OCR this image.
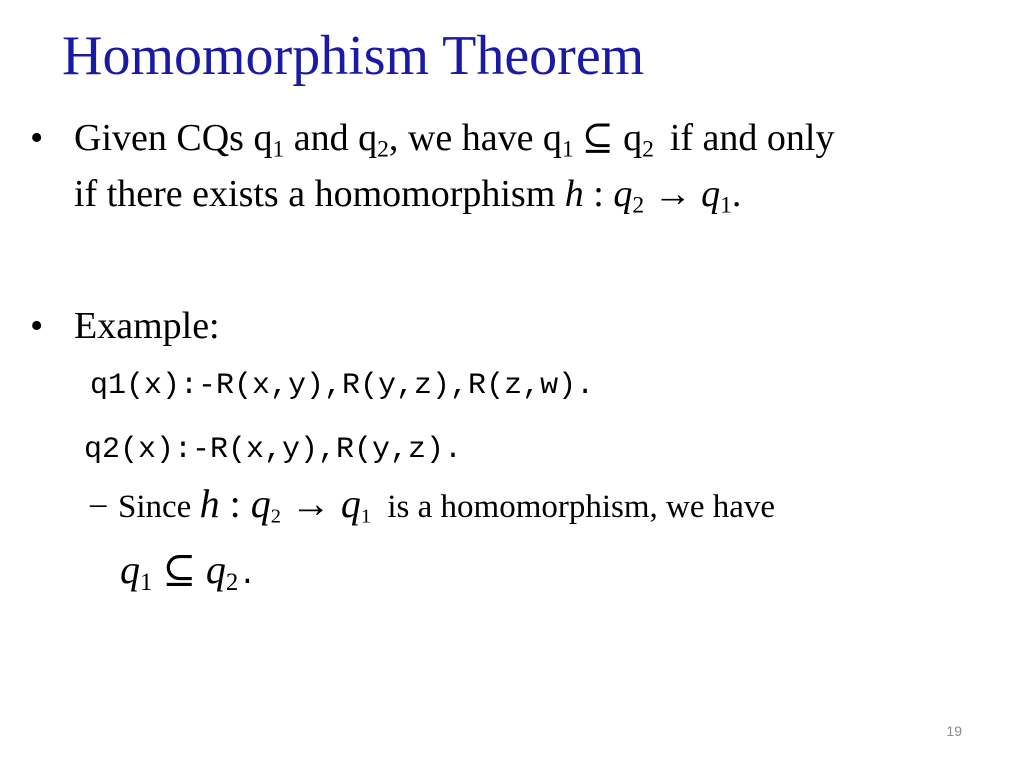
Homomorphism Theorem
• Given CQs $q_1$ and $q_2$, we have $q_1$ ⊆ $q_2$ if and only
if there exists a homomorphism h : $q_2 \to q_1$.
• Example:
q1(x):-R(x,y),R(y,z),R(z,w).
q2(x):-R(x,y),R(y,z).
– Since h : $q_2 \to q_1$ is a homomorphism, we have
$q_1$ ⊆ $q_2$.
19
